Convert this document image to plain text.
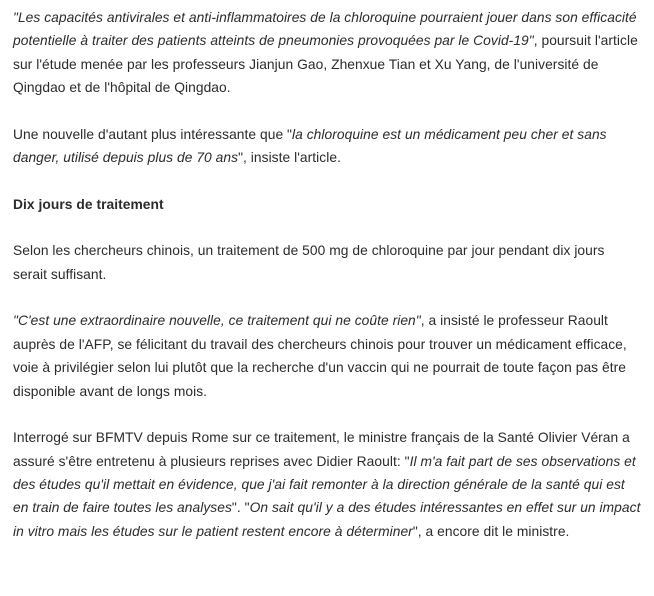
"Les capacités antivirales et anti-inflammatoires de la chloroquine pourraient jouer dans son efficacité potentielle à traiter des patients atteints de pneumonies provoquées par le Covid-19", poursuit l'article sur l'étude menée par les professeurs Jianjun Gao, Zhenxue Tian et Xu Yang, de l'université de Qingdao et de l'hôpital de Qingdao.

Une nouvelle d'autant plus intéressante que "la chloroquine est un médicament peu cher et sans danger, utilisé depuis plus de 70 ans", insiste l'article.

Dix jours de traitement

Selon les chercheurs chinois, un traitement de 500 mg de chloroquine par jour pendant dix jours serait suffisant.

"C'est une extraordinaire nouvelle, ce traitement qui ne coûte rien", a insisté le professeur Raoult auprès de l'AFP, se félicitant du travail des chercheurs chinois pour trouver un médicament efficace, voie à privilégier selon lui plutôt que la recherche d'un vaccin qui ne pourrait de toute façon pas être disponible avant de longs mois.

Interrogé sur BFMTV depuis Rome sur ce traitement, le ministre français de la Santé Olivier Véran a assuré s'être entretenu à plusieurs reprises avec Didier Raoult: "Il m'a fait part de ses observations et des études qu'il mettait en évidence, que j'ai fait remonter à la direction générale de la santé qui est en train de faire toutes les analyses". "On sait qu'il y a des études intéressantes en effet sur un impact in vitro mais les études sur le patient restent encore à déterminer", a encore dit le ministre.
